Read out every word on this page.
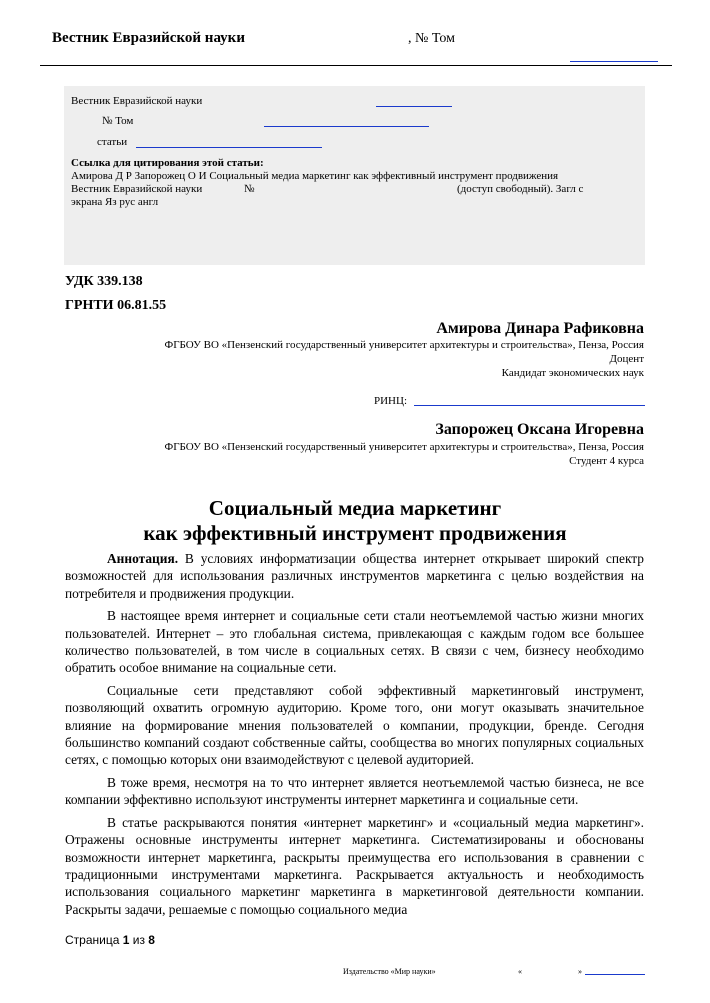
Вестник Евразийской науки	, № Том
Вестник Евразийской науки
№ Том
статьи
Ссылка для цитирования этой статьи:
Амирова Д Р Запорожец О И Социальный медиа маркетинг как эффективный инструмент продвижения
Вестник Евразийской науки	№	(доступ свободный). Загл с
экрана Яз рус англ
УДК 339.138
ГРНТИ 06.81.55
Амирова Динара Рафиковна
ФГБОУ ВО «Пензенский государственный университет архитектуры и строительства», Пенза, Россия
Доцент
Кандидат экономических наук
РИНЦ:
Запорожец Оксана Игоревна
ФГБОУ ВО «Пензенский государственный университет архитектуры и строительства», Пенза, Россия
Студент 4 курса
Социальный медиа маркетинг
как эффективный инструмент продвижения

Аннотация. В условиях информатизации общества интернет открывает широкий спектр возможностей для использования различных инструментов маркетинга с целью воздействия на потребителя и продвижения продукции.

В настоящее время интернет и социальные сети стали неотъемлемой частью жизни многих пользователей. Интернет – это глобальная система, привлекающая с каждым годом все большее количество пользователей, в том числе в социальных сетях. В связи с чем, бизнесу необходимо обратить особое внимание на социальные сети.

Социальные сети представляют собой эффективный маркетинговый инструмент, позволяющий охватить огромную аудиторию. Кроме того, они могут оказывать значительное влияние на формирование мнения пользователей о компании, продукции, бренде. Сегодня большинство компаний создают собственные сайты, сообщества во многих популярных социальных сетях, с помощью которых они взаимодействуют с целевой аудиторией.

В тоже время, несмотря на то что интернет является неотъемлемой частью бизнеса, не все компании эффективно используют инструменты интернет маркетинга и социальные сети.

В статье раскрываются понятия «интернет маркетинг» и «социальный медиа маркетинг». Отражены основные инструменты интернет маркетинга. Систематизированы и обоснованы возможности интернет маркетинга, раскрыты преимущества его использования в сравнении с традиционными инструментами маркетинга. Раскрывается актуальность и необходимость использования социального маркетинг маркетинга в маркетинговой деятельности компании. Раскрыты задачи, решаемые с помощью социального медиа

Страница 1 из 8
Издательство «Мир науки»	«	»
